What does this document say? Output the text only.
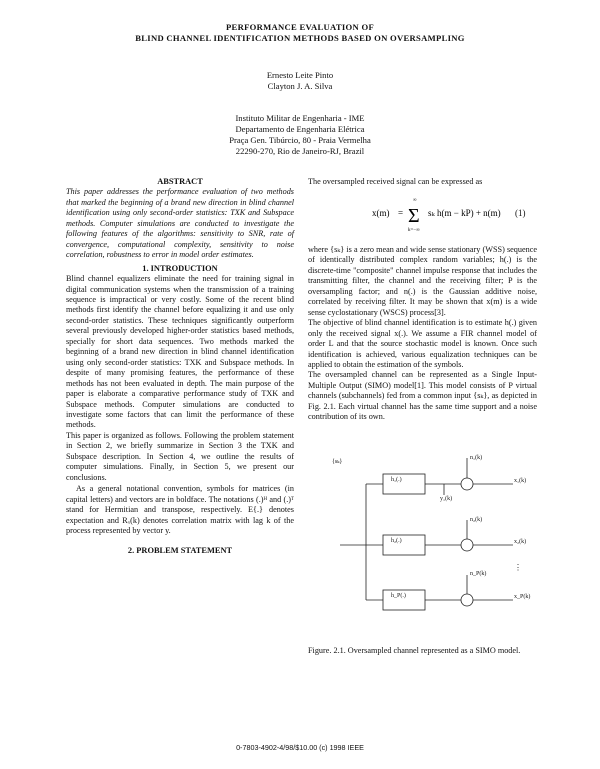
PERFORMANCE EVALUATION OF
BLIND CHANNEL IDENTIFICATION METHODS BASED ON OVERSAMPLING
Ernesto Leite Pinto
Clayton J. A. Silva
Instituto Militar de Engenharia - IME
Departamento de Engenharia Elétrica
Praça Gen. Tibúrcio, 80 - Praia Vermelha
22290-270, Rio de Janeiro-RJ, Brazil

ABSTRACT

This paper addresses the performance evaluation of two methods that marked the beginning of a brand new direction in blind channel identification using only second-order statistics: TXK and Subspace methods. Computer simulations are conducted to investigate the following features of the algorithms: sensitivity to SNR, rate of convergence, computational complexity, sensitivity to noise correlation, robustness to error in model order estimates.

1. INTRODUCTION

Blind channel equalizers eliminate the need for training signal in digital communication systems when the transmission of a training sequence is impractical or very costly. Some of the recent blind methods first identify the channel before equalizing it and use only second-order statistics. These techniques significantly outperform several previously developed higher-order statistics based methods, specially for short data sequences. Two methods marked the beginning of a brand new direction in blind channel identification using only second-order statistics: TXK and Subspace methods. In despite of many promising features, the performance of these methods has not been evaluated in depth. The main purpose of the paper is elaborate a comparative performance study of TXK and Subspace methods. Computer simulations are conducted to investigate some factors that can limit the performance of these methods.

This paper is organized as follows. Following the problem statement in Section 2, we briefly summarize in Section 3 the TXK and Subspace description. In Section 4, we outline the results of computer simulations. Finally, in Section 5, we present our conclusions.

As a general notational convention, symbols for matrices (in capital letters) and vectors are in boldface. The notations (.)ᴴ and (.)ᵀ stand for Hermitian and transpose, respectively. E{.} denotes expectation and Rₓ(k) denotes correlation matrix with lag k of the process represented by vector y.

2. PROBLEM STATEMENT

The oversampled received signal can be expressed as

x(m) = Σ
∞
k=−∞
sₖ h(m − kP) + n(m) (1)

where {sₖ} is a zero mean and wide sense stationary (WSS) sequence of identically distributed complex random variables; h(.) is the discrete-time "composite" channel impulse response that includes the transmitting filter, the channel and the receiving filter; P is the oversampling factor; and n(.) is the Gaussian additive noise, correlated by receiving filter. It may be shown that x(m) is a wide sense cyclostationary (WSCS) process[3].

The objective of blind channel identification is to estimate h(.) given only the received signal x(.). We assume a FIR channel model of order L and that the source stochastic model is known. Once such identification is achieved, various equalization techniques can be applied to obtain the estimation of the symbols.

The oversampled channel can be represented as a Single Input-Multiple Output (SIMO) model[1]. This model consists of P virtual channels (subchannels) fed from a common input {sₖ}, as depicted in Fig. 2.1. Each virtual channel has the same time support and a noise contribution of its own.

⋮
{sₖ}
h₁(.)
h₂(.)
h_P(.)
n₁(k)
n₂(k)
n_P(k)
y₁(k)
x₁(k)
x₂(k)
x_P(k)
Figure. 2.1. Oversampled channel represented as a SIMO model.
0-7803-4902-4/98/$10.00 (c) 1998 IEEE
